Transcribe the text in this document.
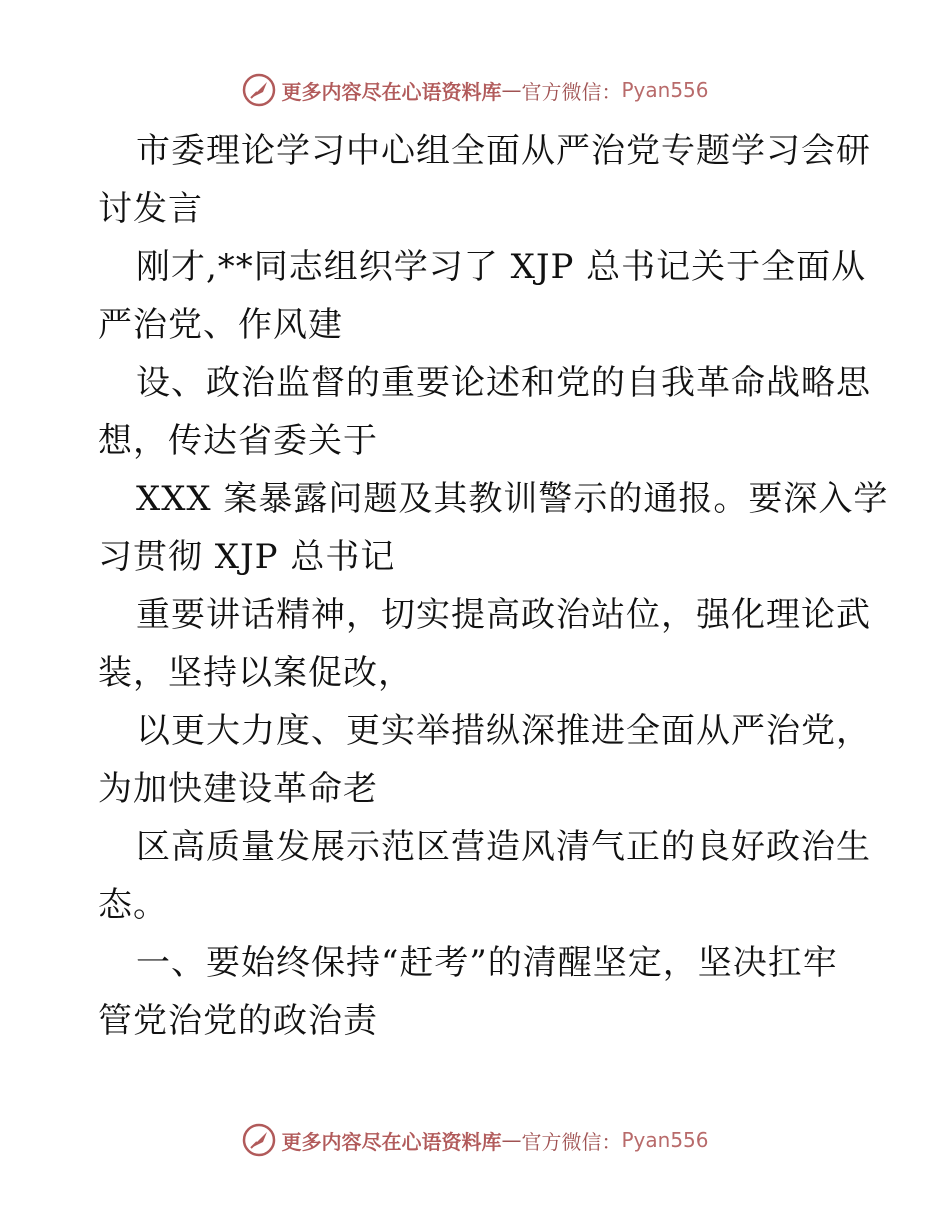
更多内容尽在心语资料库 — 官方微信： Pyan556
市委理论学习中心组全面从严治党专题学习会研
讨发言
刚才,**同志组织学习了 XJP 总书记关于全面从
严治党、作风建
设、政治监督的重要论述和党的自我革命战略思
想，传达省委关于
XXX 案暴露问题及其教训警示的通报。要深入学
习贯彻 XJP 总书记
重要讲话精神，切实提高政治站位，强化理论武
装，坚持以案促改，
以更大力度、更实举措纵深推进全面从严治党，
为加快建设革命老
区高质量发展示范区营造风清气正的良好政治生
态。
一、要始终保持“赶考”的清醒坚定，坚决扛牢
管党治党的政治责
更多内容尽在心语资料库 — 官方微信： Pyan556
